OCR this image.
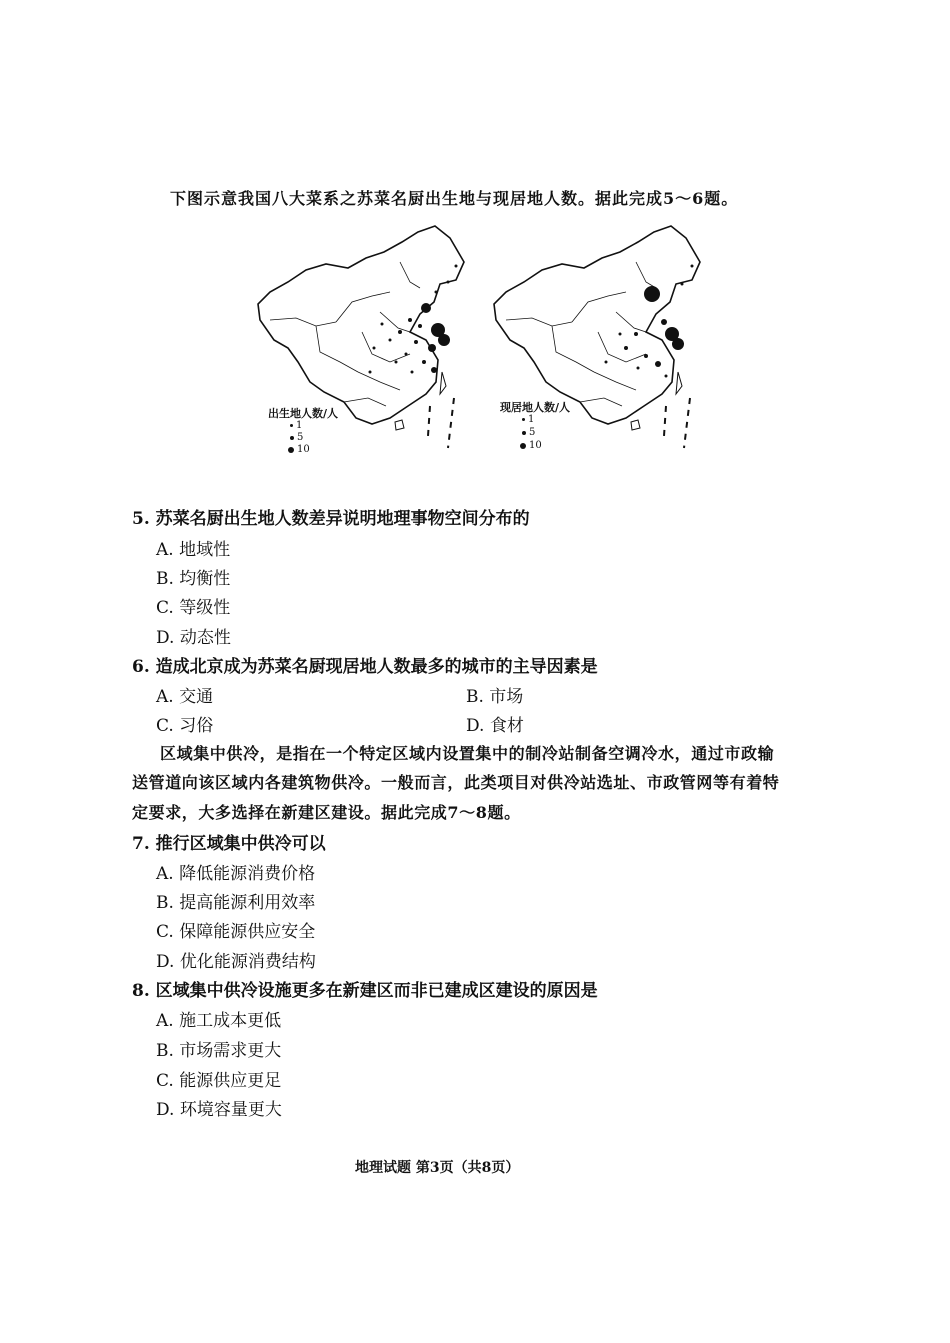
下图示意我国八大菜系之苏菜名厨出生地与现居地人数。据此完成5～6题。
出生地人数/人
1
5
10
现居地人数/人
1
5
10
5. 苏菜名厨出生地人数差异说明地理事物空间分布的
A. 地域性
B. 均衡性
C. 等级性
D. 动态性
6. 造成北京成为苏菜名厨现居地人数最多的城市的主导因素是
A. 交通	B. 市场
C. 习俗	D. 食材
区域集中供冷，是指在一个特定区域内设置集中的制冷站制备空调冷水，通过市政输
送管道向该区域内各建筑物供冷。一般而言，此类项目对供冷站选址、市政管网等有着特
定要求，大多选择在新建区建设。据此完成7～8题。
7. 推行区域集中供冷可以
A. 降低能源消费价格
B. 提高能源利用效率
C. 保障能源供应安全
D. 优化能源消费结构
8. 区域集中供冷设施更多在新建区而非已建成区建设的原因是
A. 施工成本更低
B. 市场需求更大
C. 能源供应更足
D. 环境容量更大
地理试题 第3页（共8页）
